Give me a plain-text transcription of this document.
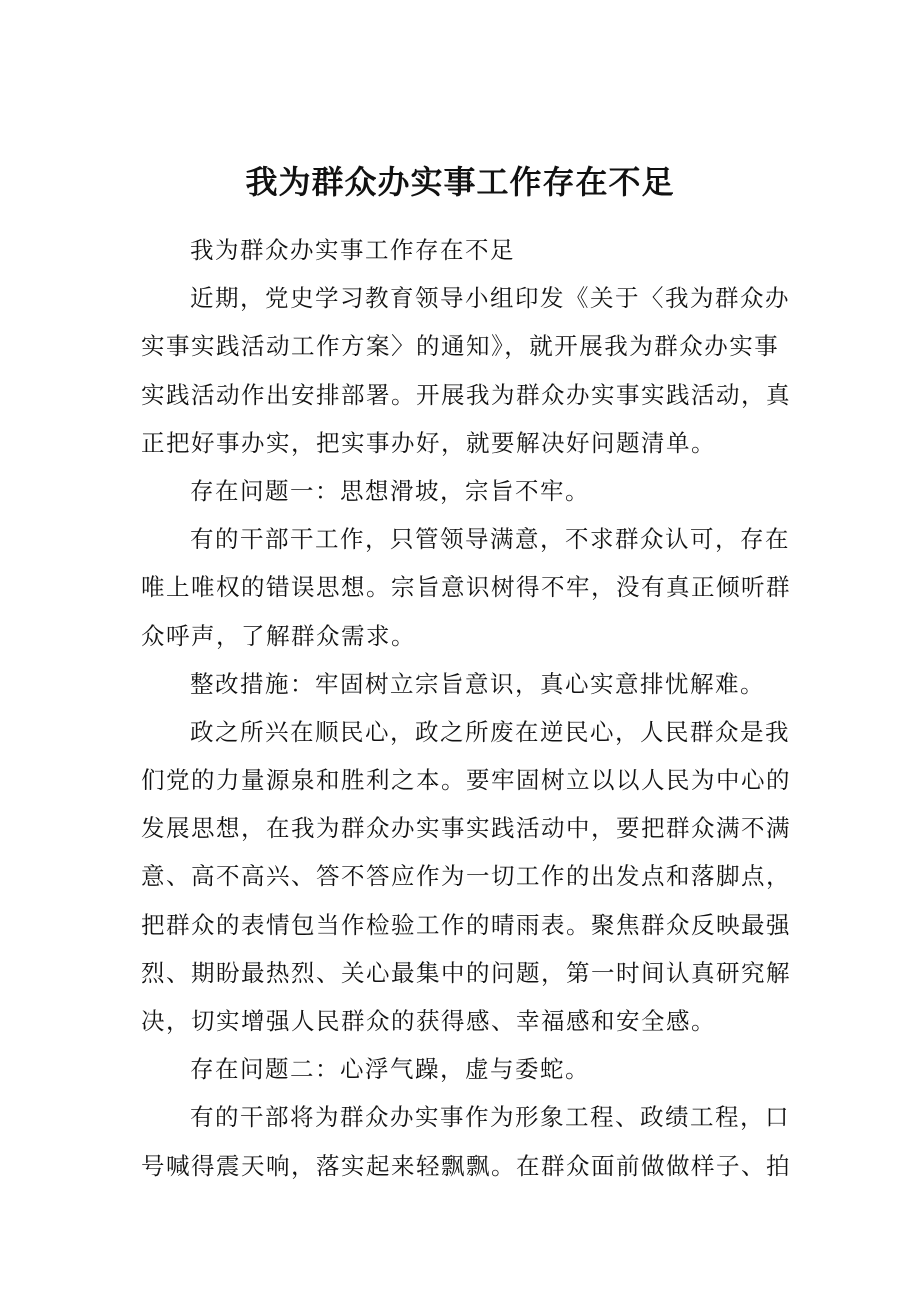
我为群众办实事工作存在不足
我为群众办实事工作存在不足
近期，党史学习教育领导小组印发《关于〈我为群众办
实事实践活动工作方案〉的通知》，就开展我为群众办实事
实践活动作出安排部署。开展我为群众办实事实践活动，真
正把好事办实，把实事办好，就要解决好问题清单。
存在问题一：思想滑坡，宗旨不牢。
有的干部干工作，只管领导满意，不求群众认可，存在
唯上唯权的错误思想。宗旨意识树得不牢，没有真正倾听群
众呼声，了解群众需求。
整改措施：牢固树立宗旨意识，真心实意排忧解难。
政之所兴在顺民心，政之所废在逆民心，人民群众是我
们党的力量源泉和胜利之本。要牢固树立以以人民为中心的
发展思想，在我为群众办实事实践活动中，要把群众满不满
意、高不高兴、答不答应作为一切工作的出发点和落脚点，
把群众的表情包当作检验工作的晴雨表。聚焦群众反映最强
烈、期盼最热烈、关心最集中的问题，第一时间认真研究解
决，切实增强人民群众的获得感、幸福感和安全感。
存在问题二：心浮气躁，虚与委蛇。
有的干部将为群众办实事作为形象工程、政绩工程，口
号喊得震天响，落实起来轻飘飘。在群众面前做做样子、拍
